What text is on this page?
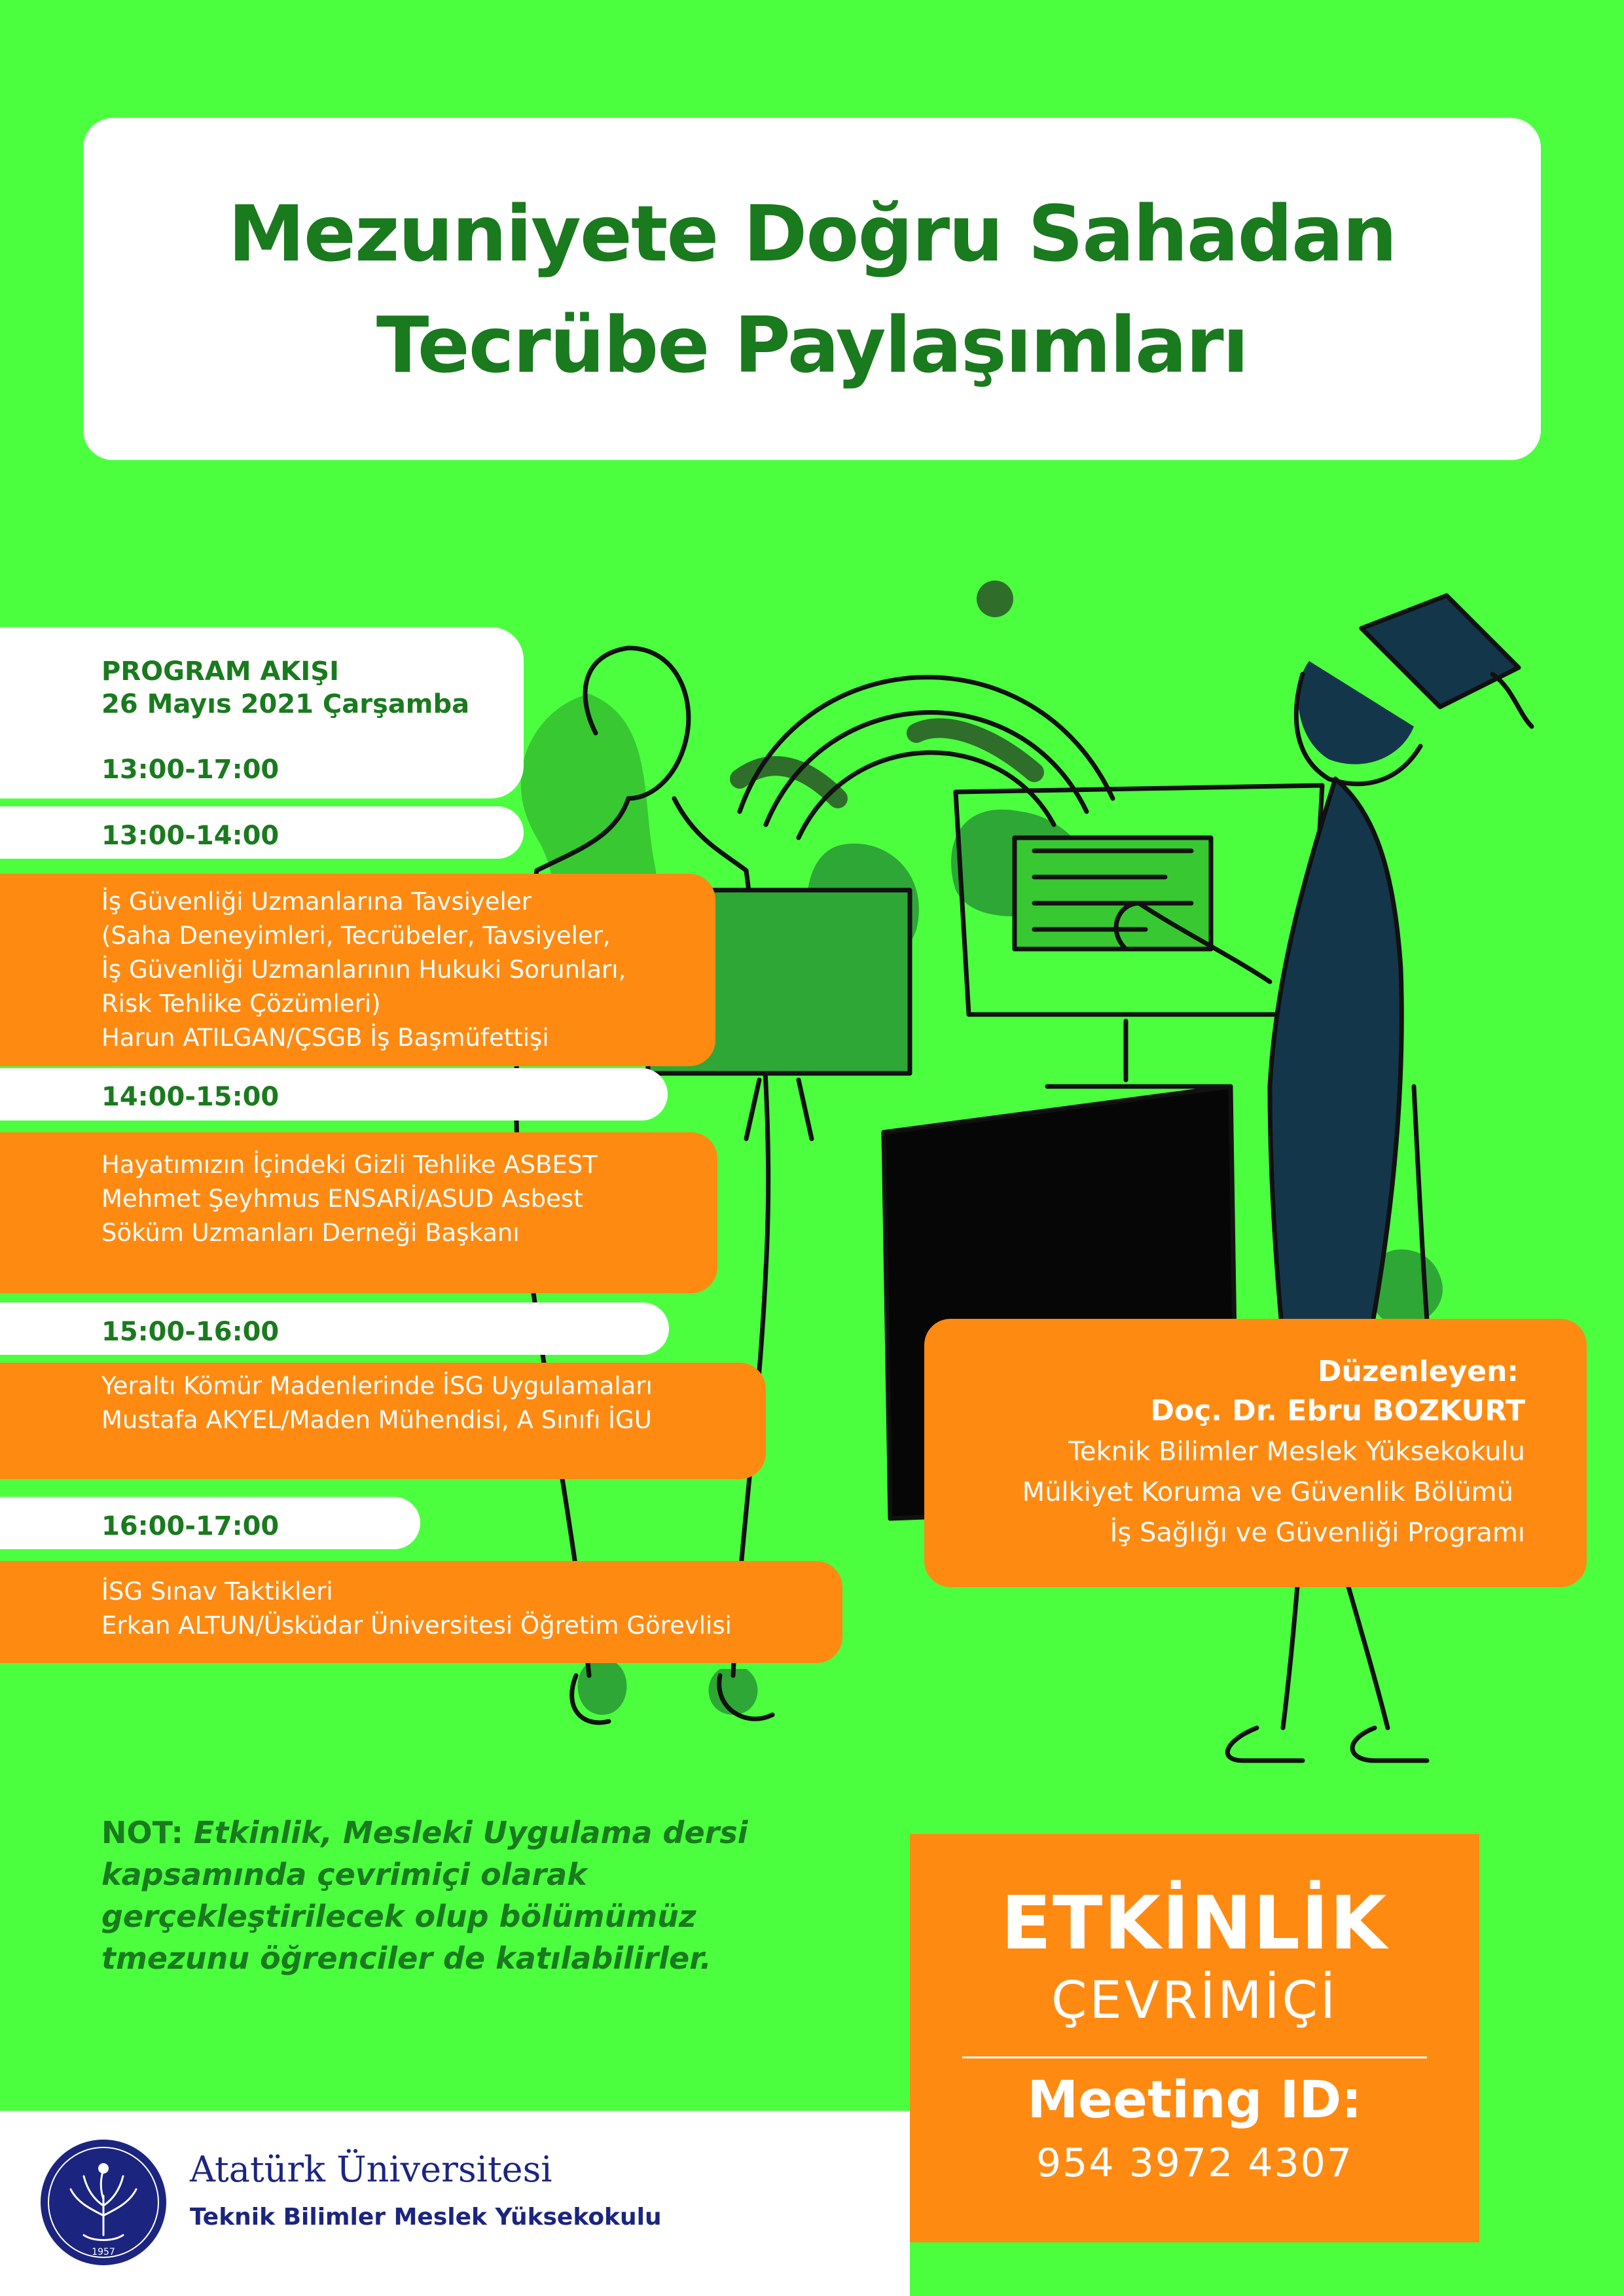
Mezuniyete Doğru Sahadan
Tecrübe Paylaşımları
PROGRAM AKIŞI
26 Mayıs 2021 Çarşamba
13:00-17:00
13:00-14:00
İş Güvenliği Uzmanlarına Tavsiyeler
(Saha Deneyimleri, Tecrübeler, Tavsiyeler,
İş Güvenliği Uzmanlarının Hukuki Sorunları,
Risk Tehlike Çözümleri)
Harun ATILGAN/ÇSGB İş Başmüfettişi
14:00-15:00
Hayatımızın İçindeki Gizli Tehlike ASBEST
Mehmet Şeyhmus ENSARİ/ASUD Asbest
Söküm Uzmanları Derneği Başkanı
15:00-16:00
Yeraltı Kömür Madenlerinde İSG Uygulamaları
Mustafa AKYEL/Maden Mühendisi, A Sınıfı İGU
16:00-17:00
İSG Sınav Taktikleri
Erkan ALTUN/Üsküdar Üniversitesi Öğretim Görevlisi
Düzenleyen:
Doç. Dr. Ebru BOZKURT
Teknik Bilimler Meslek Yüksekokulu
Mülkiyet Koruma ve Güvenlik Bölümü
İş Sağlığı ve Güvenliği Programı
NOT: Etkinlik, Mesleki Uygulama dersi kapsamında çevrimiçi olarak gerçekleştirilecek olup bölümümüz tmezunu öğrenciler de katılabilirler.	ETKİNLİK
ÇEVRİMİÇİ
Meeting ID:
954 3972 4307
1957
Atatürk Üniversitesi
Teknik Bilimler Meslek Yüksekokulu
